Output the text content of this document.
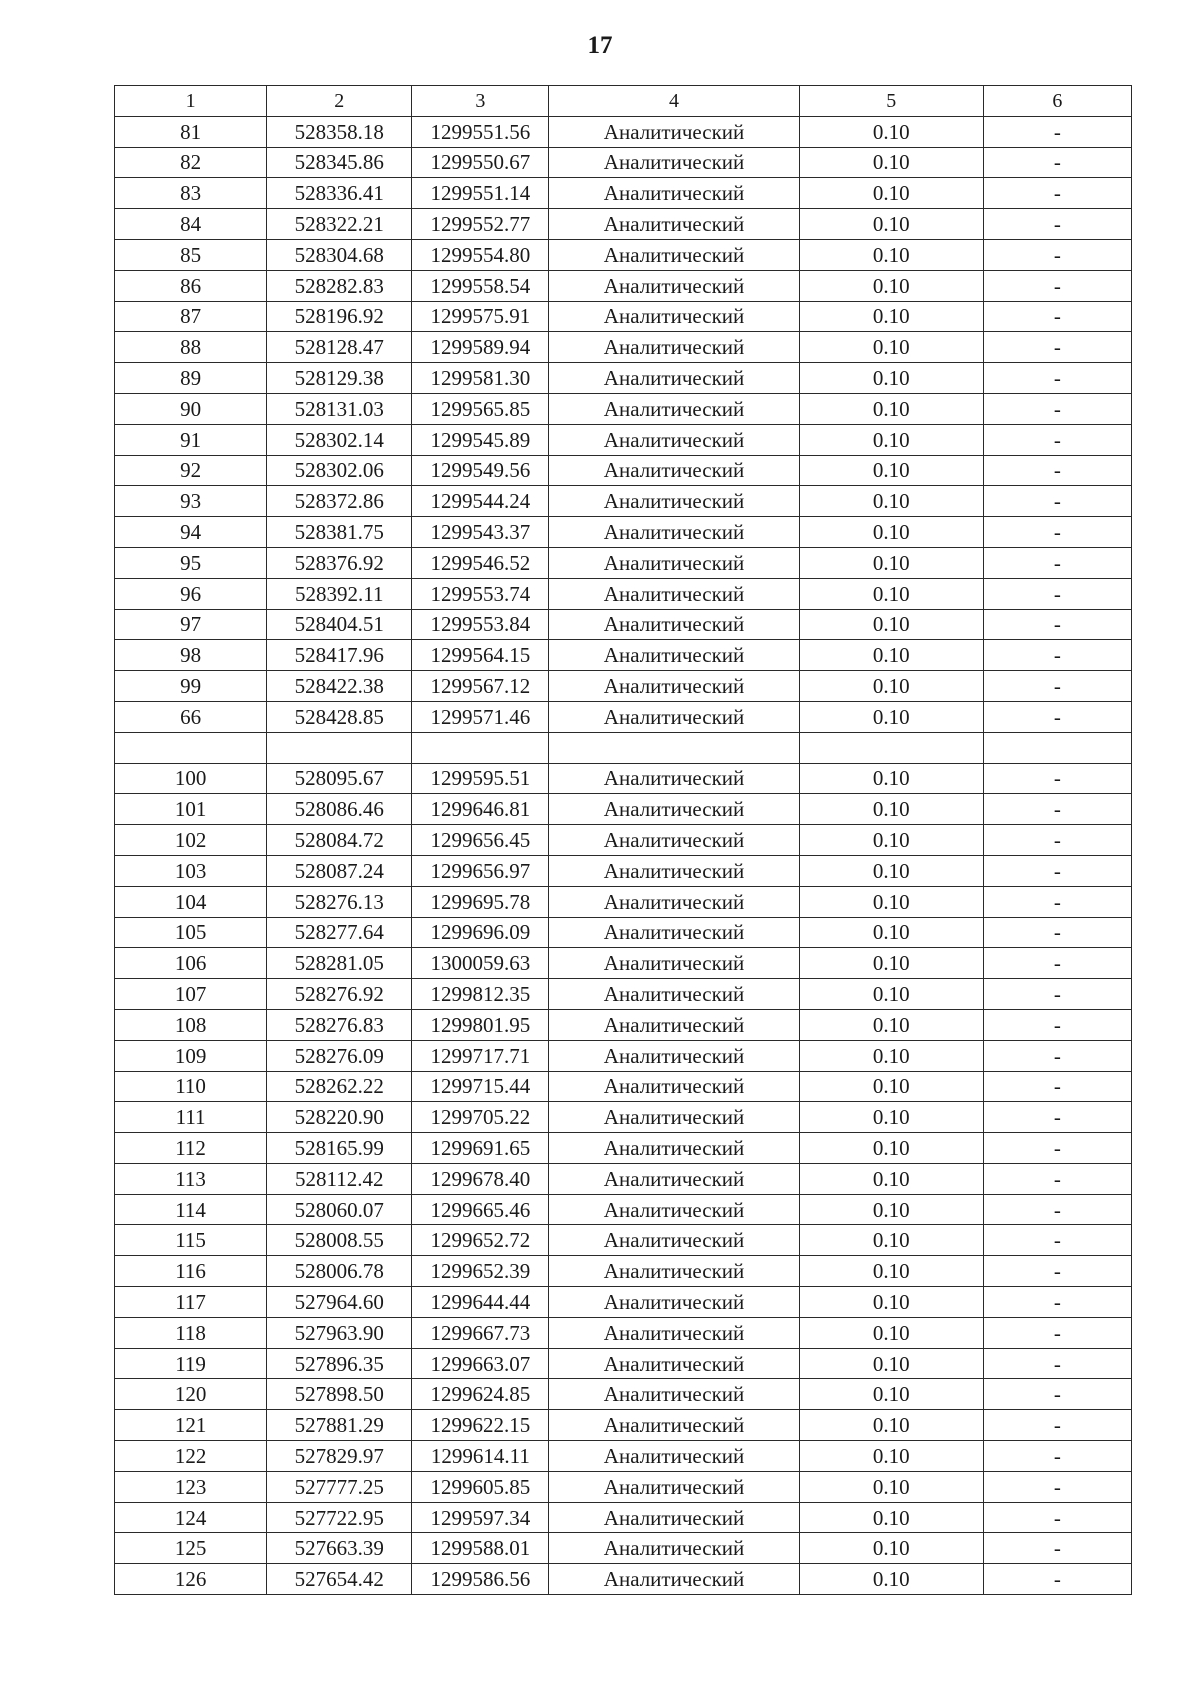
17
1	2	3	4	5	6
81	528358.18	1299551.56	Аналитический	0.10	-
82	528345.86	1299550.67	Аналитический	0.10	-
83	528336.41	1299551.14	Аналитический	0.10	-
84	528322.21	1299552.77	Аналитический	0.10	-
85	528304.68	1299554.80	Аналитический	0.10	-
86	528282.83	1299558.54	Аналитический	0.10	-
87	528196.92	1299575.91	Аналитический	0.10	-
88	528128.47	1299589.94	Аналитический	0.10	-
89	528129.38	1299581.30	Аналитический	0.10	-
90	528131.03	1299565.85	Аналитический	0.10	-
91	528302.14	1299545.89	Аналитический	0.10	-
92	528302.06	1299549.56	Аналитический	0.10	-
93	528372.86	1299544.24	Аналитический	0.10	-
94	528381.75	1299543.37	Аналитический	0.10	-
95	528376.92	1299546.52	Аналитический	0.10	-
96	528392.11	1299553.74	Аналитический	0.10	-
97	528404.51	1299553.84	Аналитический	0.10	-
98	528417.96	1299564.15	Аналитический	0.10	-
99	528422.38	1299567.12	Аналитический	0.10	-
66	528428.85	1299571.46	Аналитический	0.10	-

100	528095.67	1299595.51	Аналитический	0.10	-
101	528086.46	1299646.81	Аналитический	0.10	-
102	528084.72	1299656.45	Аналитический	0.10	-
103	528087.24	1299656.97	Аналитический	0.10	-
104	528276.13	1299695.78	Аналитический	0.10	-
105	528277.64	1299696.09	Аналитический	0.10	-
106	528281.05	1300059.63	Аналитический	0.10	-
107	528276.92	1299812.35	Аналитический	0.10	-
108	528276.83	1299801.95	Аналитический	0.10	-
109	528276.09	1299717.71	Аналитический	0.10	-
110	528262.22	1299715.44	Аналитический	0.10	-
111	528220.90	1299705.22	Аналитический	0.10	-
112	528165.99	1299691.65	Аналитический	0.10	-
113	528112.42	1299678.40	Аналитический	0.10	-
114	528060.07	1299665.46	Аналитический	0.10	-
115	528008.55	1299652.72	Аналитический	0.10	-
116	528006.78	1299652.39	Аналитический	0.10	-
117	527964.60	1299644.44	Аналитический	0.10	-
118	527963.90	1299667.73	Аналитический	0.10	-
119	527896.35	1299663.07	Аналитический	0.10	-
120	527898.50	1299624.85	Аналитический	0.10	-
121	527881.29	1299622.15	Аналитический	0.10	-
122	527829.97	1299614.11	Аналитический	0.10	-
123	527777.25	1299605.85	Аналитический	0.10	-
124	527722.95	1299597.34	Аналитический	0.10	-
125	527663.39	1299588.01	Аналитический	0.10	-
126	527654.42	1299586.56	Аналитический	0.10	-
